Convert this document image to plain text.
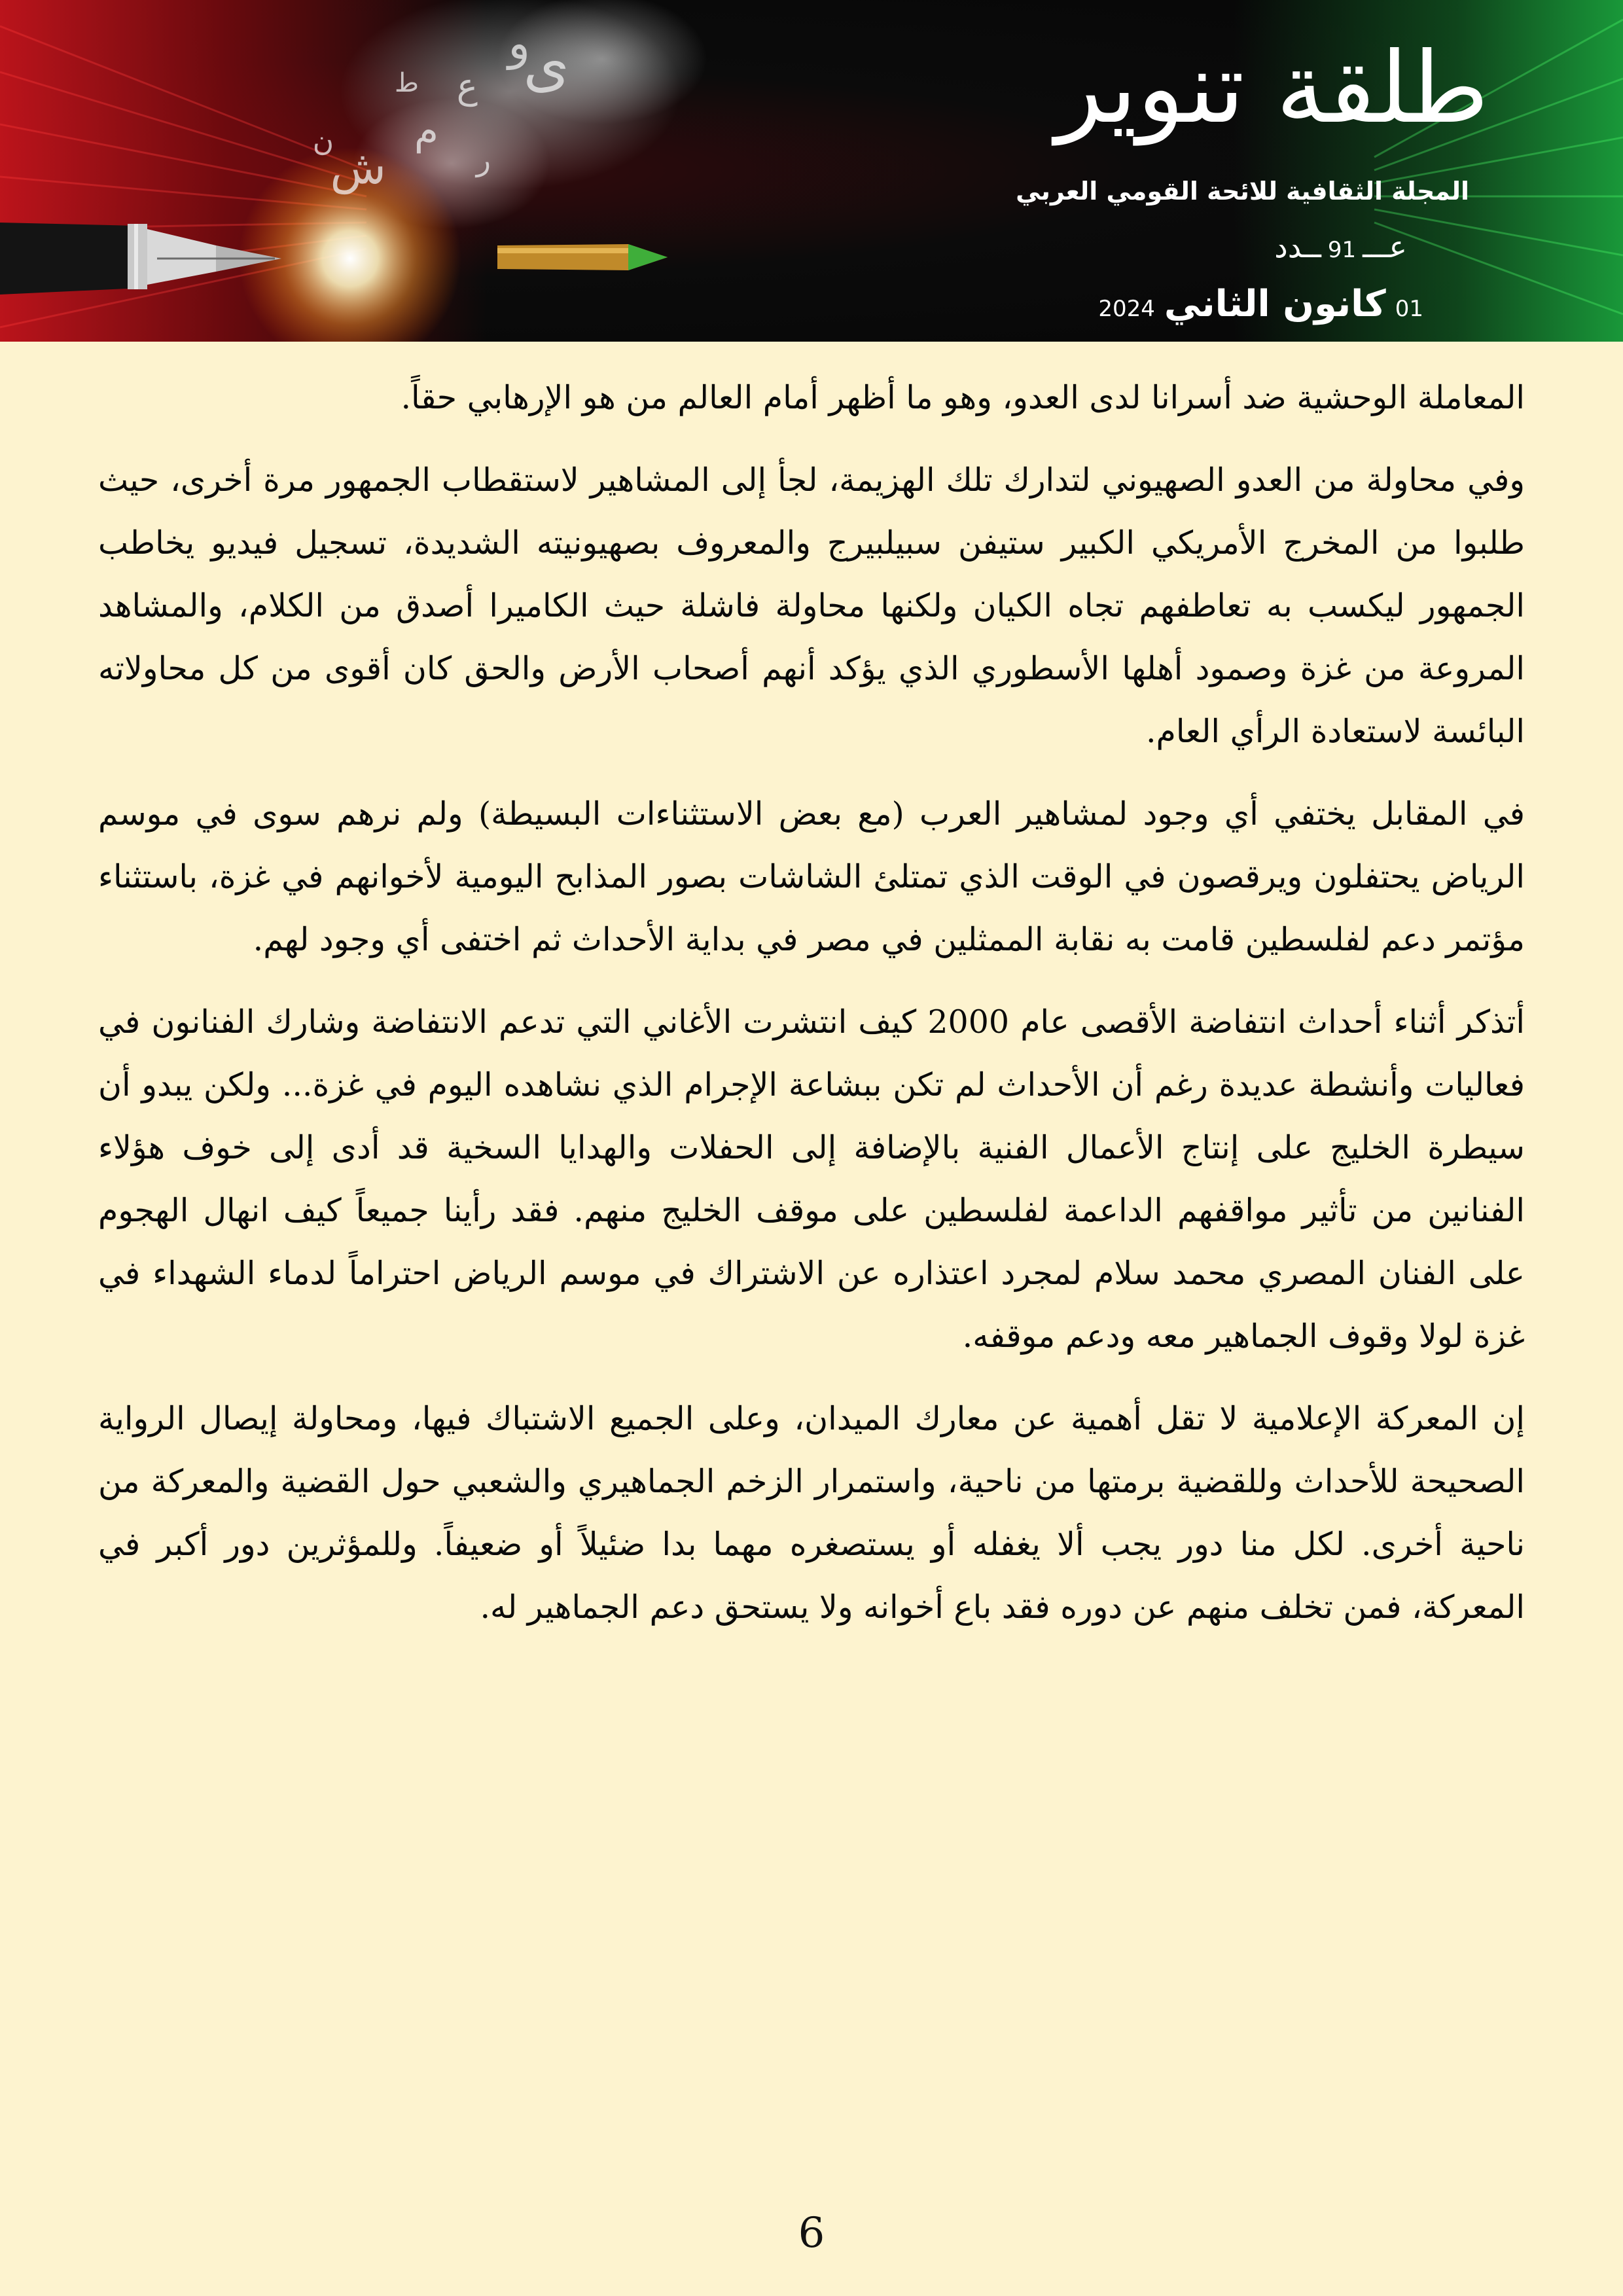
ى
و
ع
م
ش
ن
ر
ط	طلقة تنوير
المجلة الثقافية للائحة القومي العربي
عـــ91ــدد
01
كانون الثاني
2024

المعاملة الوحشية ضد أسرانا لدى العدو، وهو ما أظهر أمام العالم من هو الإرهابي حقاً.

وفي محاولة من العدو الصهيوني لتدارك تلك الهزيمة، لجأ إلى المشاهير لاستقطاب الجمهور مرة أخرى، حيث طلبوا من المخرج الأمريكي الكبير ستيفن سبيلبيرج والمعروف بصهيونيته الشديدة، تسجيل فيديو يخاطب الجمهور ليكسب به تعاطفهم تجاه الكيان ولكنها محاولة فاشلة حيث الكاميرا أصدق من الكلام، والمشاهد المروعة من غزة وصمود أهلها الأسطوري الذي يؤكد أنهم أصحاب الأرض والحق كان أقوى من كل محاولاته البائسة لاستعادة الرأي العام.

في المقابل يختفي أي وجود لمشاهير العرب (مع بعض الاستثناءات البسيطة) ولم نرهم سوى في موسم الرياض يحتفلون ويرقصون في الوقت الذي تمتلئ الشاشات بصور المذابح اليومية لأخوانهم في غزة، باستثناء مؤتمر دعم لفلسطين قامت به نقابة الممثلين في مصر في بداية الأحداث ثم اختفى أي وجود لهم.

أتذكر أثناء أحداث انتفاضة الأقصى عام 2000 كيف انتشرت الأغاني التي تدعم الانتفاضة وشارك الفنانون في فعاليات وأنشطة عديدة رغم أن الأحداث لم تكن ببشاعة الإجرام الذي نشاهده اليوم في غزة... ولكن يبدو أن سيطرة الخليج على إنتاج الأعمال الفنية بالإضافة إلى الحفلات والهدايا السخية قد أدى إلى خوف هؤلاء الفنانين من تأثير مواقفهم الداعمة لفلسطين على موقف الخليج منهم. فقد رأينا جميعاً كيف انهال الهجوم على الفنان المصري محمد سلام لمجرد اعتذاره عن الاشتراك في موسم الرياض احتراماً لدماء الشهداء في غزة لولا وقوف الجماهير معه ودعم موقفه.

إن المعركة الإعلامية لا تقل أهمية عن معارك الميدان، وعلى الجميع الاشتباك فيها، ومحاولة إيصال الرواية الصحيحة للأحداث وللقضية برمتها من ناحية، واستمرار الزخم الجماهيري والشعبي حول القضية والمعركة من ناحية أخرى. لكل منا دور يجب ألا يغفله أو يستصغره مهما بدا ضئيلاً أو ضعيفاً. وللمؤثرين دور أكبر في المعركة، فمن تخلف منهم عن دوره فقد باع أخوانه ولا يستحق دعم الجماهير له.

6
